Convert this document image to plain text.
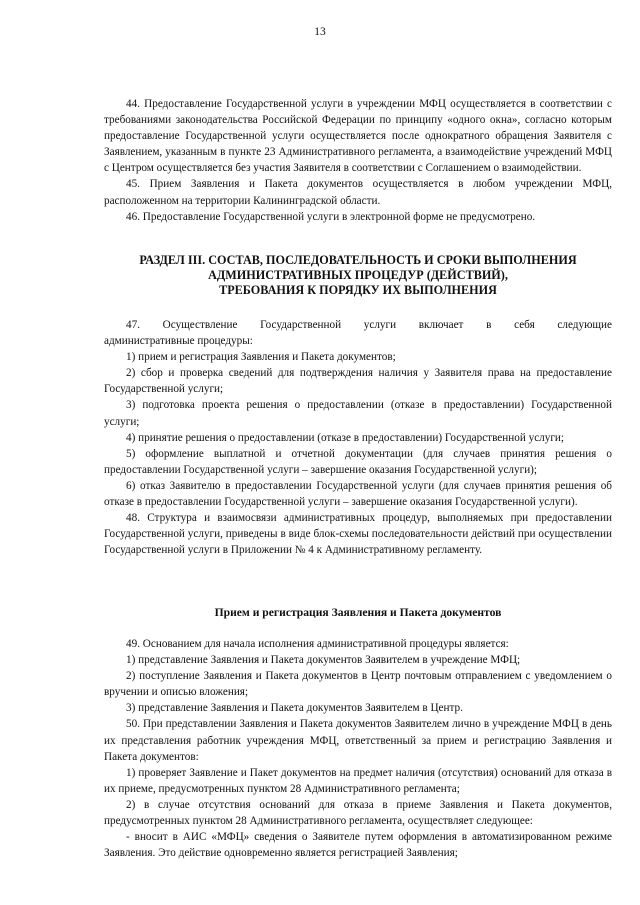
13

44. Предоставление Государственной услуги в учреждении МФЦ осуществляется в соответствии с требованиями законодательства Российской Федерации по принципу «одного окна», согласно которым предоставление Государственной услуги осуществляется после однократного обращения Заявителя с Заявлением, указанным в пункте 23 Административного регламента, а взаимодействие учреждений МФЦ с Центром осуществляется без участия Заявителя в соответствии с Соглашением о взаимодействии.

45. Прием Заявления и Пакета документов осуществляется в любом учреждении МФЦ, расположенном на территории Калининградской области.

46. Предоставление Государственной услуги в электронной форме не предусмотрено.

РАЗДЕЛ III. СОСТАВ, ПОСЛЕДОВАТЕЛЬНОСТЬ И СРОКИ ВЫПОЛНЕНИЯ
АДМИНИСТРАТИВНЫХ ПРОЦЕДУР (ДЕЙСТВИЙ),
ТРЕБОВАНИЯ К ПОРЯДКУ ИХ ВЫПОЛНЕНИЯ

47. Осуществление Государственной услуги включает в себя следующие

административные процедуры:

1) прием и регистрация Заявления и Пакета документов;

2) сбор и проверка сведений для подтверждения наличия у Заявителя права на предоставление Государственной услуги;

3) подготовка проекта решения о предоставлении (отказе в предоставлении) Государственной услуги;

4) принятие решения о предоставлении (отказе в предоставлении) Государственной услуги;

5) оформление выплатной и отчетной документации (для случаев принятия решения о предоставлении Государственной услуги – завершение оказания Государственной услуги);

6) отказ Заявителю в предоставлении Государственной услуги (для случаев принятия решения об отказе в предоставлении Государственной услуги – завершение оказания Государственной услуги).

48. Структура и взаимосвязи административных процедур, выполняемых при предоставлении Государственной услуги, приведены в виде блок-схемы последовательности действий при осуществлении Государственной услуги в Приложении № 4 к Административному регламенту.

Прием и регистрация Заявления и Пакета документов

49. Основанием для начала исполнения административной процедуры является:

1) представление Заявления и Пакета документов Заявителем в учреждение МФЦ;

2) поступление Заявления и Пакета документов в Центр почтовым отправлением с уведомлением о вручении и описью вложения;

3) представление Заявления и Пакета документов Заявителем в Центр.

50. При представлении Заявления и Пакета документов Заявителем лично в учреждение МФЦ в день их представления работник учреждения МФЦ, ответственный за прием и регистрацию Заявления и Пакета документов:

1) проверяет Заявление и Пакет документов на предмет наличия (отсутствия) оснований для отказа в их приеме, предусмотренных пунктом 28 Административного регламента;

2) в случае отсутствия оснований для отказа в приеме Заявления и Пакета документов, предусмотренных пунктом 28 Административного регламента, осуществляет следующее:

- вносит в АИС «МФЦ» сведения о Заявителе путем оформления в автоматизированном режиме Заявления. Это действие одновременно является регистрацией Заявления;
